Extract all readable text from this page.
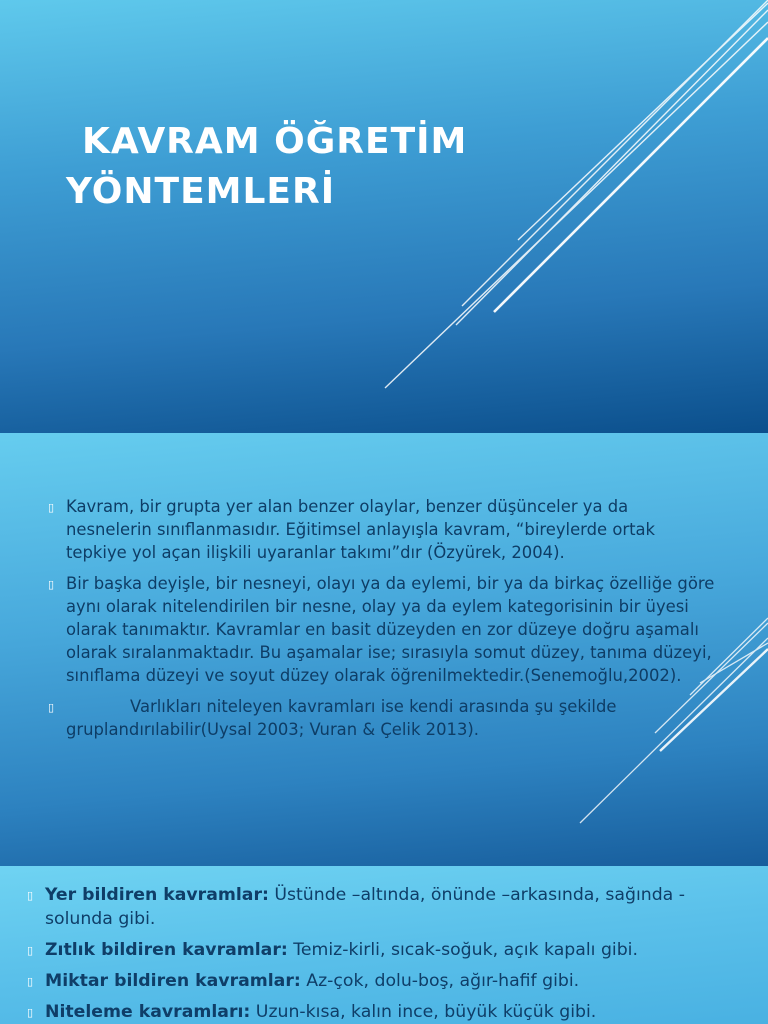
KAVRAM ÖĞRETİM
YÖNTEMLERİ
▯ Kavram, bir grupta yer alan benzer olaylar, benzer düşünceler ya da nesnelerin sınıflanmasıdır. Eğitimsel anlayışla kavram, “bireylerde ortak tepkiye yol açan ilişkili uyaranlar takımı”dır (Özyürek, 2004).
▯ Bir başka deyişle, bir nesneyi, olayı ya da eylemi, bir ya da birkaç özelliğe göre aynı olarak nitelendirilen bir nesne, olay ya da eylem kategorisinin bir üyesi olarak tanımaktır. Kavramlar en basit düzeyden en zor düzeye doğru aşamalı olarak sıralanmaktadır. Bu aşamalar ise; sırasıyla somut düzey, tanıma düzeyi, sınıflama düzeyi ve soyut düzey olarak öğrenilmektedir.(Senemoğlu,2002).
▯	Varlıkları niteleyen kavramları ise kendi arasında şu şekilde gruplandırılabilir(Uysal 2003; Vuran & Çelik 2013).
▯ Yer bildiren kavramlar: Üstünde –altında, önünde –arkasında, sağında -solunda gibi.
▯ Zıtlık bildiren kavramlar: Temiz-kirli, sıcak-soğuk, açık kapalı gibi.
▯ Miktar bildiren kavramlar: Az-çok, dolu-boş, ağır-hafif gibi.
▯ Niteleme kavramları: Uzun-kısa, kalın ince, büyük küçük gibi.
